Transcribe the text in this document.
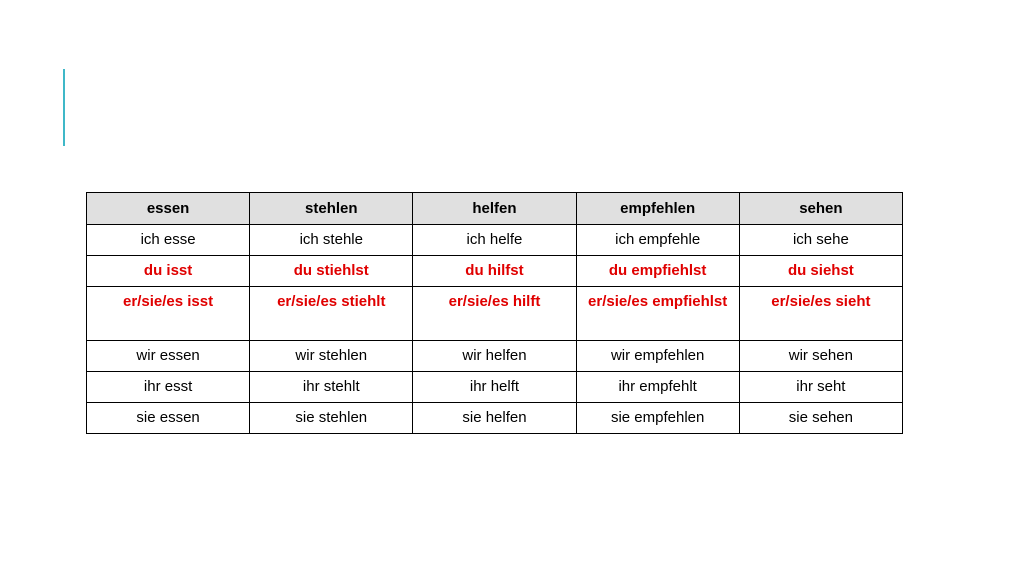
essen	stehlen	helfen	empfehlen	sehen
ich esse	ich stehle	ich helfe	ich empfehle	ich sehe
du isst	du stiehlst	du hilfst	du empfiehlst	du siehst
er/sie/es isst	er/sie/es stiehlt	er/sie/es hilft	er/sie/es empfiehlst	er/sie/es sieht
wir essen	wir stehlen	wir helfen	wir empfehlen	wir sehen
ihr esst	ihr stehlt	ihr helft	ihr empfehlt	ihr seht
sie essen	sie stehlen	sie helfen	sie empfehlen	sie sehen
